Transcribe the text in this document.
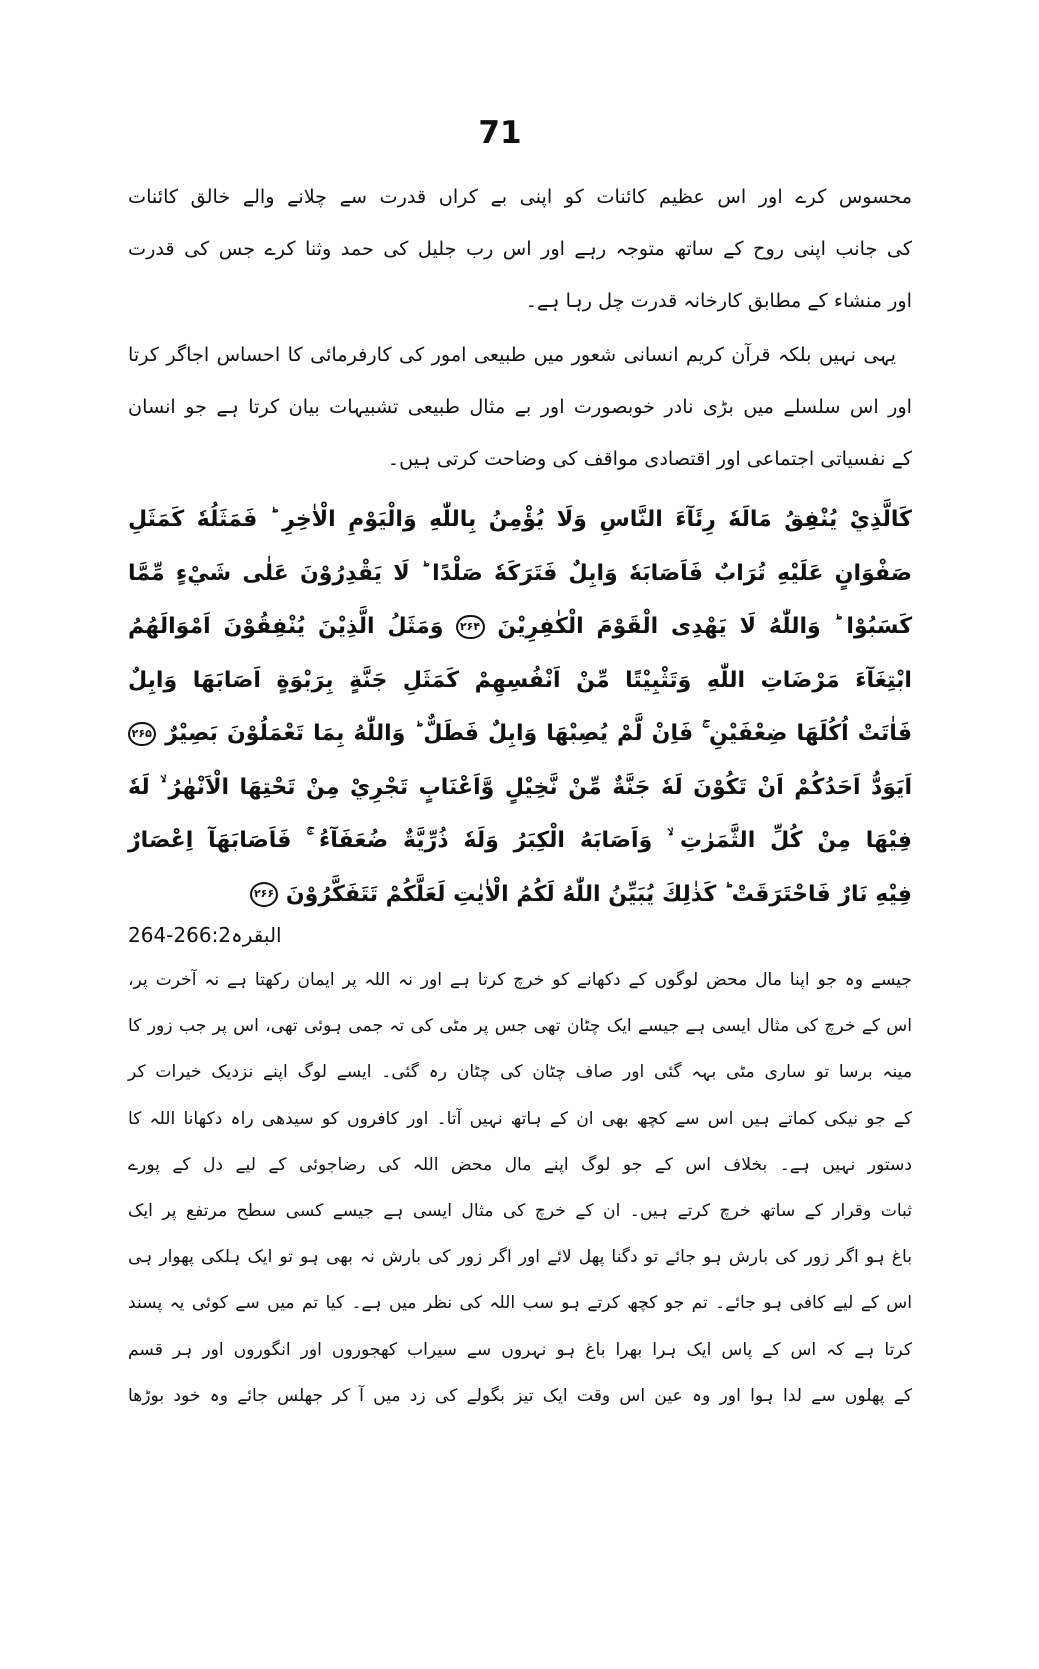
71
محسوس کرے اور اس عظیم کائنات کو اپنی بے کراں قدرت سے چلانے والے خالق کائنات
کی جانب اپنی روح کے ساتھ متوجہ رہے اور اس رب جلیل کی حمد وثنا کرے جس کی قدرت
اور منشاء کے مطابق کارخانہ قدرت چل رہا ہے۔
یہی نہیں بلکہ قرآن کریم انسانی شعور میں طبیعی امور کی کارفرمائی کا احساس اجاگر کرتا
اور اس سلسلے میں بڑی نادر خوبصورت اور بے مثال طبیعی تشبیہات بیان کرتا ہے جو انسان
کے نفسیاتی اجتماعی اور اقتصادی مواقف کی وضاحت کرتی ہیں۔
كَالَّذِيْ يُنْفِقُ مَالَهٗ رِئَآءَ النَّاسِ وَلَا يُؤْمِنُ بِاللّٰهِ وَالْيَوْمِ الْاٰخِرِ ؕ فَمَثَلُهٗ كَمَثَلِ
صَفْوَانٍ عَلَيْهِ تُرَابٌ فَاَصَابَهٗ وَابِلٌ فَتَرَكَهٗ صَلْدًا ؕ لَا يَقْدِرُوْنَ عَلٰى شَيْءٍ مِّمَّا
كَسَبُوْا ؕ وَاللّٰهُ لَا يَهْدِى الْقَوْمَ الْكٰفِرِيْنَ ۲۶۴ وَمَثَلُ الَّذِيْنَ يُنْفِقُوْنَ اَمْوَالَهُمُ
ابْتِغَآءَ مَرْضَاتِ اللّٰهِ وَتَثْبِيْتًا مِّنْ اَنْفُسِهِمْ كَمَثَلِ جَنَّةٍ بِرَبْوَةٍ اَصَابَهَا وَابِلٌ
فَاٰتَتْ اُكُلَهَا ضِعْفَيْنِ ۚ فَاِنْ لَّمْ يُصِبْهَا وَابِلٌ فَطَلٌّ ؕ وَاللّٰهُ بِمَا تَعْمَلُوْنَ بَصِيْرٌ ۲۶۵
اَيَوَدُّ اَحَدُكُمْ اَنْ تَكُوْنَ لَهٗ جَنَّةٌ مِّنْ نَّخِيْلٍ وَّاَعْنَابٍ تَجْرِيْ مِنْ تَحْتِهَا الْاَنْهٰرُ ۙ لَهٗ
فِيْهَا مِنْ كُلِّ الثَّمَرٰتِ ۙ وَاَصَابَهُ الْكِبَرُ وَلَهٗ ذُرِّيَّةٌ ضُعَفَآءُ ۚ فَاَصَابَهَآ اِعْصَارٌ
فِيْهِ نَارٌ فَاحْتَرَقَتْ ؕ كَذٰلِكَ يُبَيِّنُ اللّٰهُ لَكُمُ الْاٰيٰتِ لَعَلَّكُمْ تَتَفَكَّرُوْنَ ۲۶۶
البقرہ264-266:2
جیسے وہ جو اپنا مال محض لوگوں کے دکھانے کو خرچ کرتا ہے اور نہ اللہ پر ایمان رکھتا ہے نہ آخرت پر،
اس کے خرچ کی مثال ایسی ہے جیسے ایک چٹان تھی جس پر مٹی کی تہ جمی ہوئی تھی، اس پر جب زور کا
مینہ برسا تو ساری مٹی بہہ گئی اور صاف چٹان کی چٹان رہ گئی۔ ایسے لوگ اپنے نزدیک خیرات کر
کے جو نیکی کماتے ہیں اس سے کچھ بھی ان کے ہاتھ نہیں آتا۔ اور کافروں کو سیدھی راہ دکھانا اللہ کا
دستور نہیں ہے۔ بخلاف اس کے جو لوگ اپنے مال محض اللہ کی رضاجوئی کے لیے دل کے پورے
ثبات وقرار کے ساتھ خرچ کرتے ہیں۔ ان کے خرچ کی مثال ایسی ہے جیسے کسی سطح مرتفع پر ایک
باغ ہو اگر زور کی بارش ہو جائے تو دگنا پھل لائے اور اگر زور کی بارش نہ بھی ہو تو ایک ہلکی پھوار ہی
اس کے لیے کافی ہو جائے۔ تم جو کچھ کرتے ہو سب اللہ کی نظر میں ہے۔ کیا تم میں سے کوئی یہ پسند
کرتا ہے کہ اس کے پاس ایک ہرا بھرا باغ ہو نہروں سے سیراب کھجوروں اور انگوروں اور ہر قسم
کے پھلوں سے لدا ہوا اور وہ عین اس وقت ایک تیز بگولے کی زد میں آ کر جھلس جائے وہ خود بوڑھا
